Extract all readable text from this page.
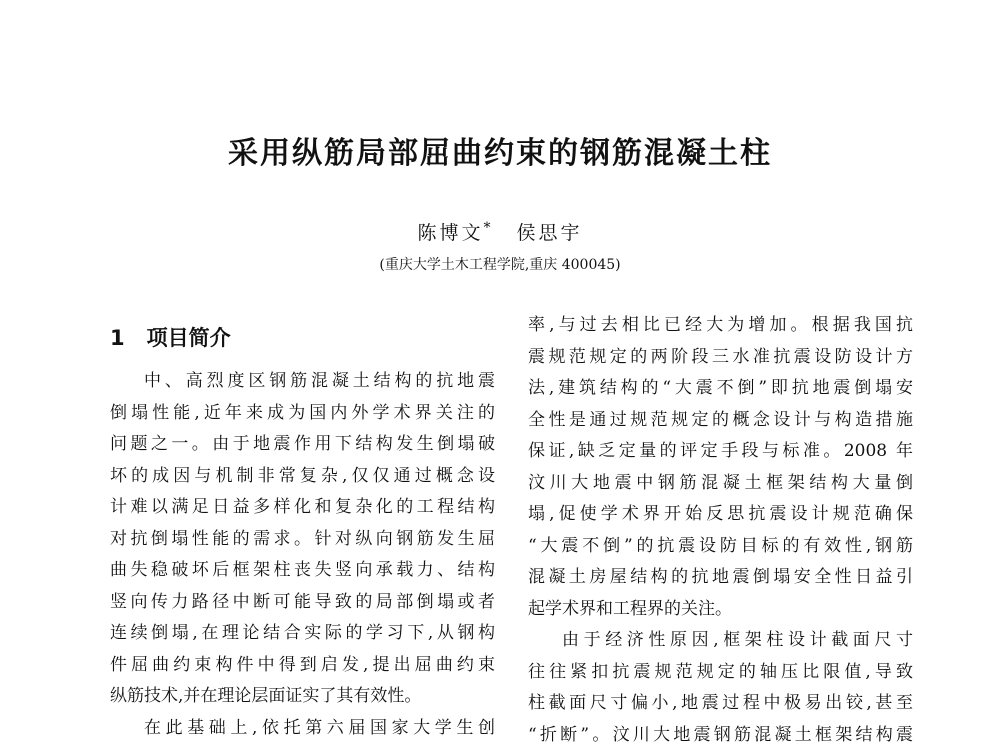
采用纵筋局部屈曲约束的钢筋混凝土柱
陈博文* 侯思宇
(重庆大学土木工程学院,重庆 400045)
1 项目简介
中、高烈度区钢筋混凝土结构的抗地震
倒塌性能,近年来成为国内外学术界关注的
问题之一。由于地震作用下结构发生倒塌破
坏的成因与机制非常复杂,仅仅通过概念设
计难以满足日益多样化和复杂化的工程结构
对抗倒塌性能的需求。针对纵向钢筋发生屈
曲失稳破坏后框架柱丧失竖向承载力、结构
竖向传力路径中断可能导致的局部倒塌或者
连续倒塌,在理论结合实际的学习下,从钢构
件屈曲约束构件中得到启发,提出屈曲约束
纵筋技术,并在理论层面证实了其有效性。
在此基础上,依托第六届国家大学生创
率,与过去相比已经大为增加。根据我国抗
震规范规定的两阶段三水准抗震设防设计方
法,建筑结构的“大震不倒”即抗地震倒塌安
全性是通过规范规定的概念设计与构造措施
保证,缺乏定量的评定手段与标准。2008 年
汶川大地震中钢筋混凝土框架结构大量倒
塌,促使学术界开始反思抗震设计规范确保
“大震不倒”的抗震设防目标的有效性,钢筋
混凝土房屋结构的抗地震倒塌安全性日益引
起学术界和工程界的关注。
由于经济性原因,框架柱设计截面尺寸
往往紧扣抗震规范规定的轴压比限值,导致
柱截面尺寸偏小,地震过程中极易出铰,甚至
“折断”。汶川大地震钢筋混凝土框架结构震
